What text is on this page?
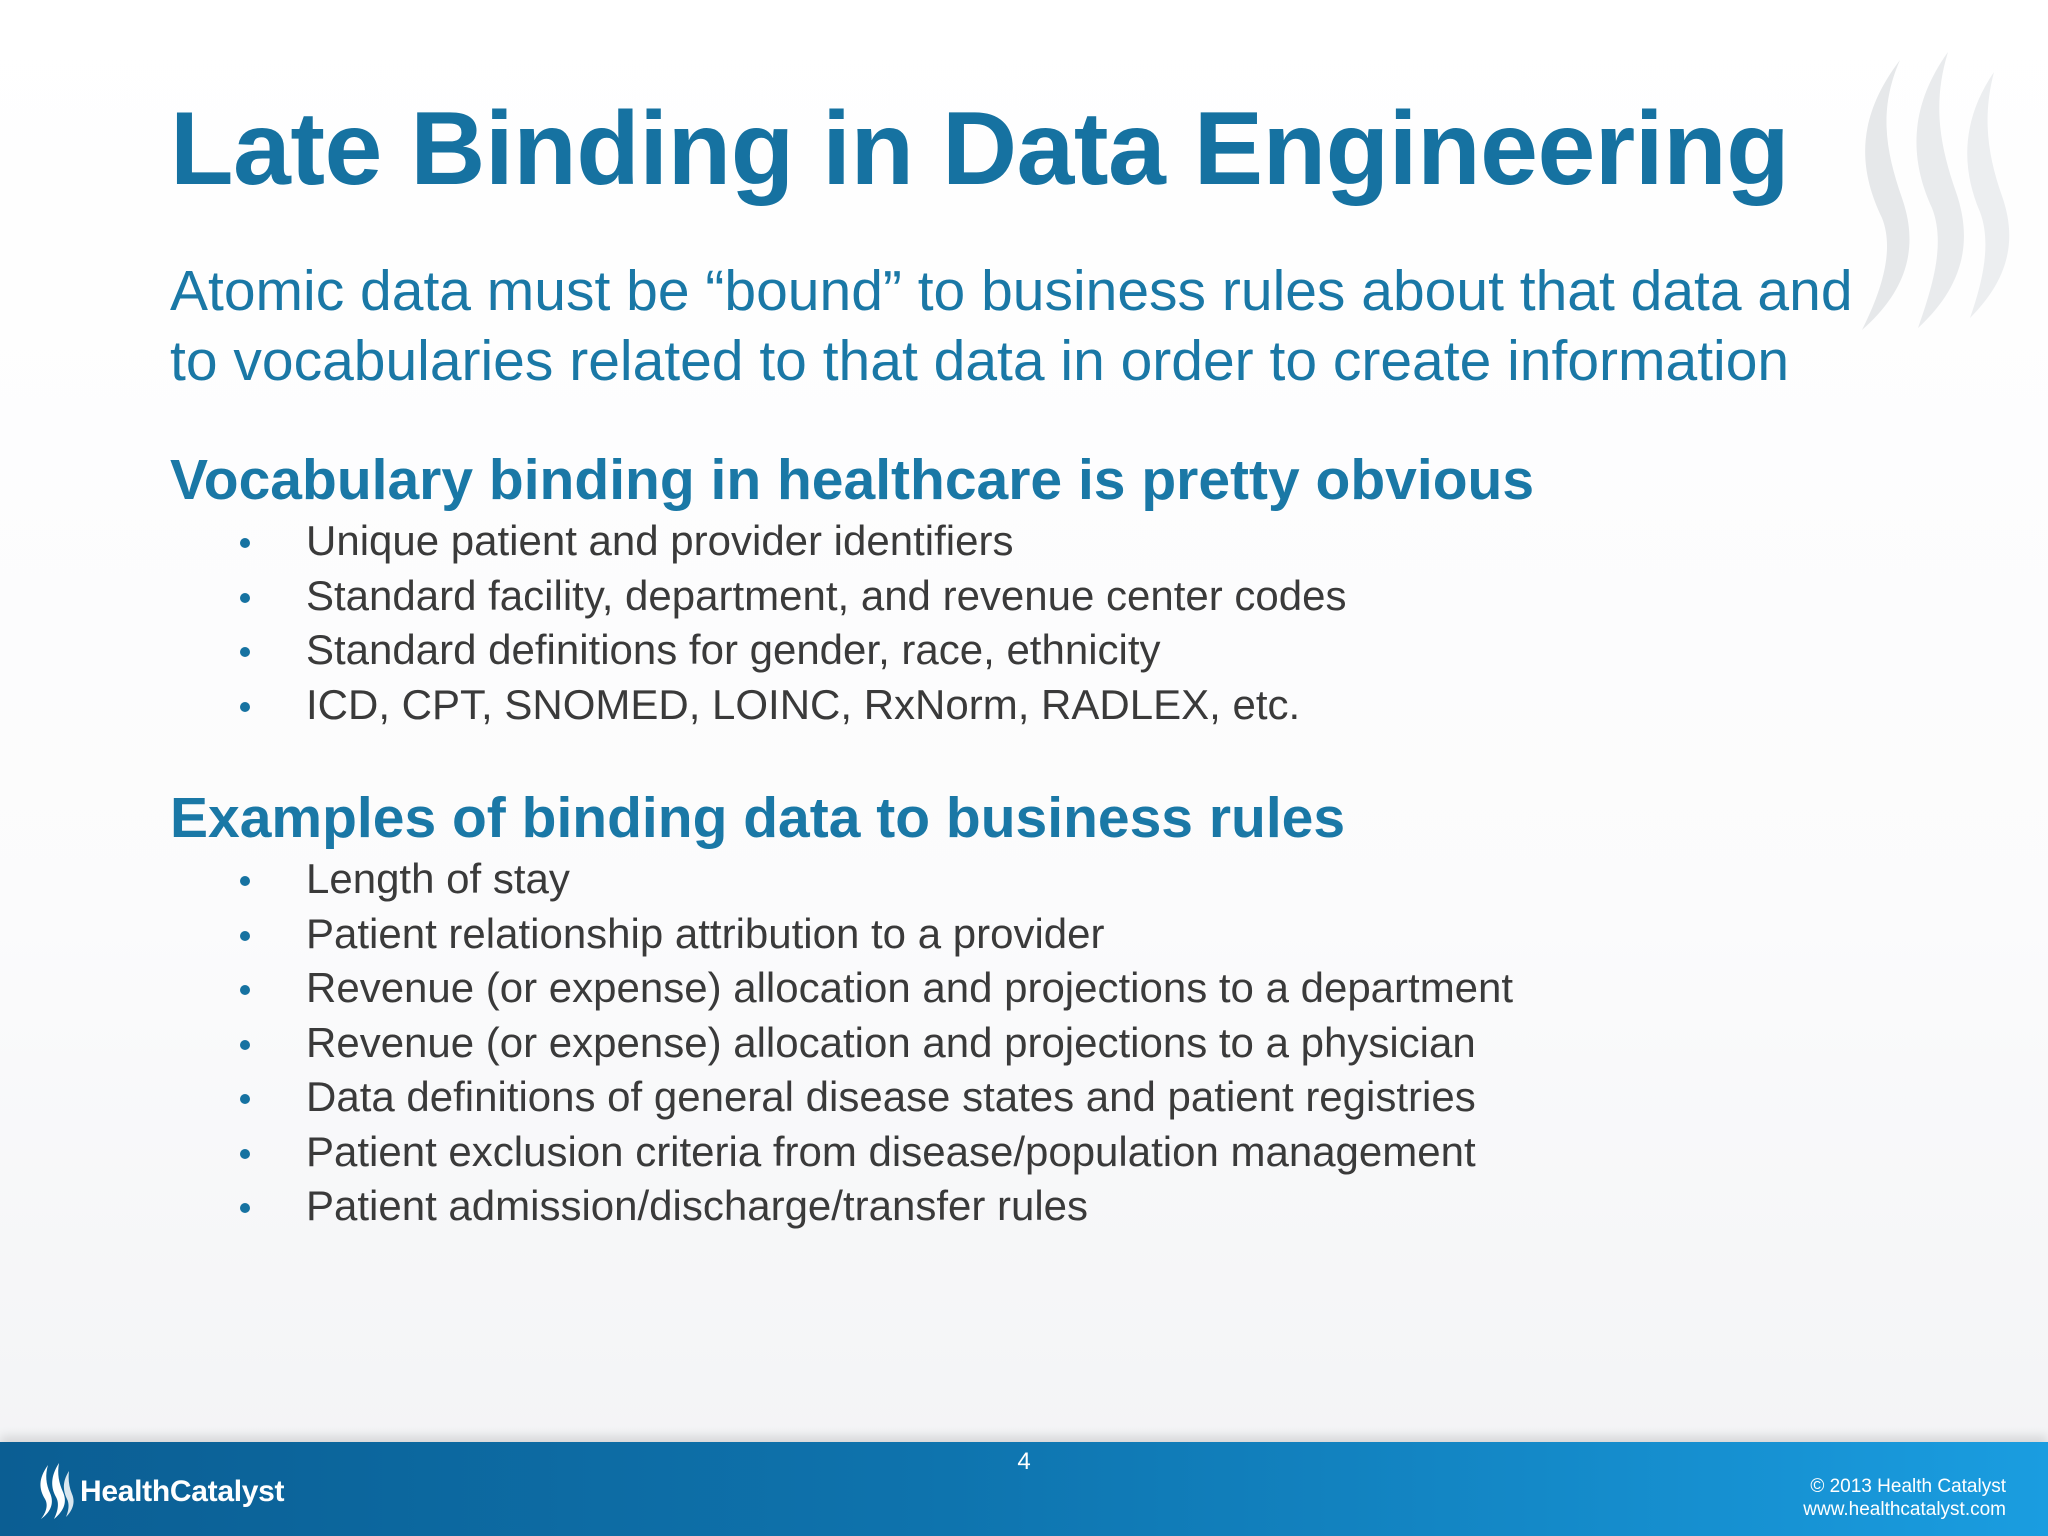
Late Binding in Data Engineering

Atomic data must be “bound” to business rules about that data and to vocabularies related to that data in order to create information

Vocabulary binding in healthcare is pretty obvious
Unique patient and provider identifiers
Standard facility, department, and revenue center codes
Standard definitions for gender, race, ethnicity
ICD, CPT, SNOMED, LOINC, RxNorm, RADLEX, etc.
Examples of binding data to business rules
Length of stay
Patient relationship attribution to a provider
Revenue (or expense) allocation and projections to a department
Revenue (or expense) allocation and projections to a physician
Data definitions of general disease states and patient registries
Patient exclusion criteria from disease/population management
Patient admission/discharge/transfer rules
HealthCatalyst
4
© 2013 Health Catalyst
www.healthcatalyst.com
